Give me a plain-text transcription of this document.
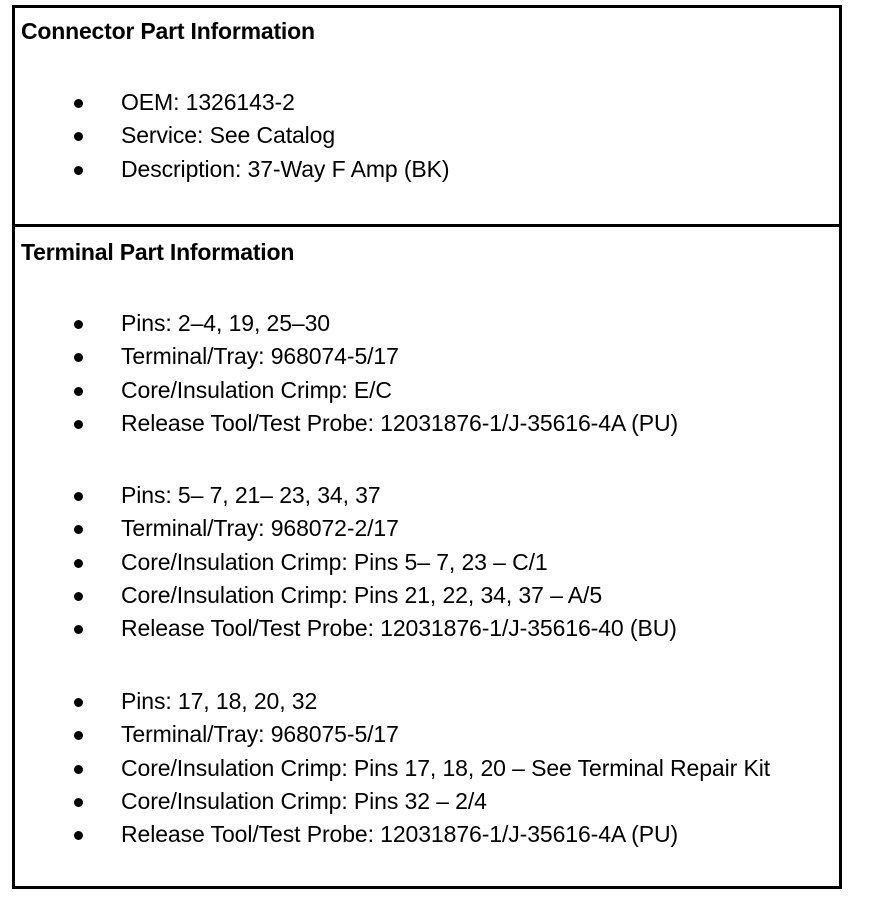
Connector Part Information
OEM: 1326143-2
Service: See Catalog
Description: 37-Way F Amp (BK)
Terminal Part Information
Pins: 2–4, 19, 25–30
Terminal/Tray: 968074-5/17
Core/Insulation Crimp: E/C
Release Tool/Test Probe: 12031876-1/J-35616-4A (PU)
Pins: 5– 7, 21– 23, 34, 37
Terminal/Tray: 968072-2/17
Core/Insulation Crimp: Pins 5– 7, 23 – C/1
Core/Insulation Crimp: Pins 21, 22, 34, 37 – A/5
Release Tool/Test Probe: 12031876-1/J-35616-40 (BU)
Pins: 17, 18, 20, 32
Terminal/Tray: 968075-5/17
Core/Insulation Crimp: Pins 17, 18, 20 – See Terminal Repair Kit
Core/Insulation Crimp: Pins 32 – 2/4
Release Tool/Test Probe: 12031876-1/J-35616-4A (PU)
